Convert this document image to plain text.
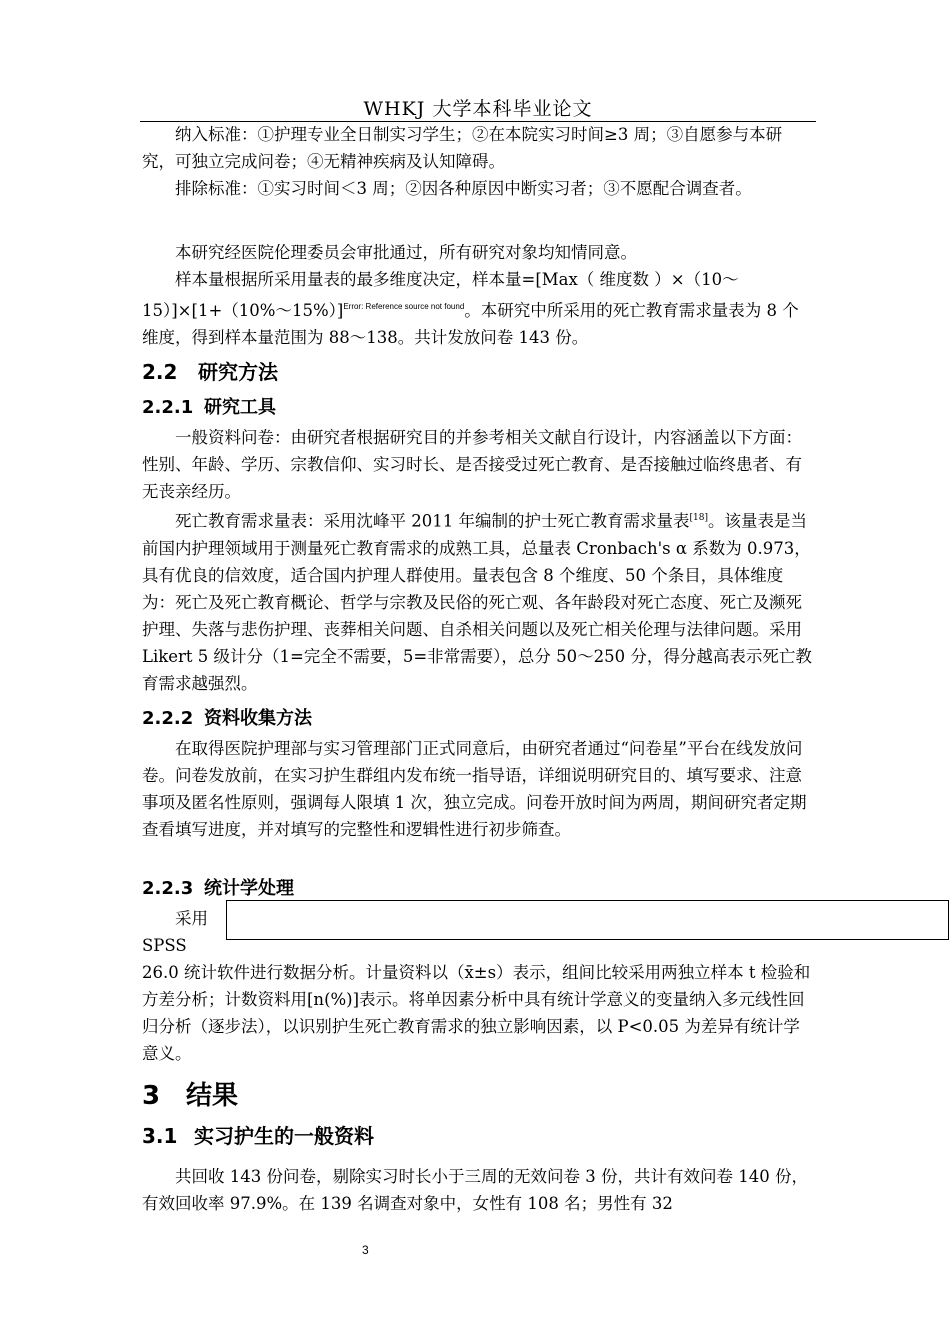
WHKJ 大学本科毕业论文

纳入标准：①护理专业全日制实习学生；②在本院实习时间≥3 周；③自愿参与本研究，可独立完成问卷；④无精神疾病及认知障碍。

排除标准：①实习时间＜3 周；②因各种原因中断实习者；③不愿配合调查者。

本研究经医院伦理委员会审批通过，所有研究对象均知情同意。

样本量根据所采用量表的最多维度决定，样本量=[Max（ 维度数 ）×（10～15）]×[1+（10%～15%）]$^{Error: Reference source not found}$。本研究中所采用的死亡教育需求量表为 8 个维度，得到样本量范围为 88～138。共计发放问卷 143 份。

2.2 研究方法
2.2.1 研究工具

一般资料问卷：由研究者根据研究目的并参考相关文献自行设计，内容涵盖以下方面：性别、年龄、学历、宗教信仰、实习时长、是否接受过死亡教育、是否接触过临终患者、有无丧亲经历。

死亡教育需求量表：采用沈峰平 2011 年编制的护士死亡教育需求量表[18]。该量表是当前国内护理领域用于测量死亡教育需求的成熟工具，总量表 Cronbach's α 系数为 0.973，具有优良的信效度，适合国内护理人群使用。量表包含 8 个维度、50 个条目，具体维度为：死亡及死亡教育概论、哲学与宗教及民俗的死亡观、各年龄段对死亡态度、死亡及濒死护理、失落与悲伤护理、丧葬相关问题、自杀相关问题以及死亡相关伦理与法律问题。采用 Likert 5 级计分（1=完全不需要，5=非常需要），总分 50～250 分，得分越高表示死亡教育需求越强烈。

2.2.2 资料收集方法

在取得医院护理部与实习管理部门正式同意后，由研究者通过“问卷星”平台在线发放问卷。问卷发放前，在实习护生群组内发布统一指导语，详细说明研究目的、填写要求、注意事项及匿名性原则，强调每人限填 1 次，独立完成。问卷开放时间为两周，期间研究者定期查看填写进度，并对填写的完整性和逻辑性进行初步筛查。

2.2.3 统计学处理

采用

SPSS

26.0 统计软件进行数据分析。计量资料以（x̄±s）表示，组间比较采用两独立样本 t 检验和方差分析；计数资料用[n(%)]表示。将单因素分析中具有统计学意义的变量纳入多元线性回归分析（逐步法），以识别护生死亡教育需求的独立影响因素，以 P<0.05 为差异有统计学意义。

3 结果
3.1 实习护生的一般资料

共回收 143 份问卷，剔除实习时长小于三周的无效问卷 3 份，共计有效问卷 140 份，有效回收率 97.9%。在 139 名调查对象中，女性有 108 名；男性有 32

3
